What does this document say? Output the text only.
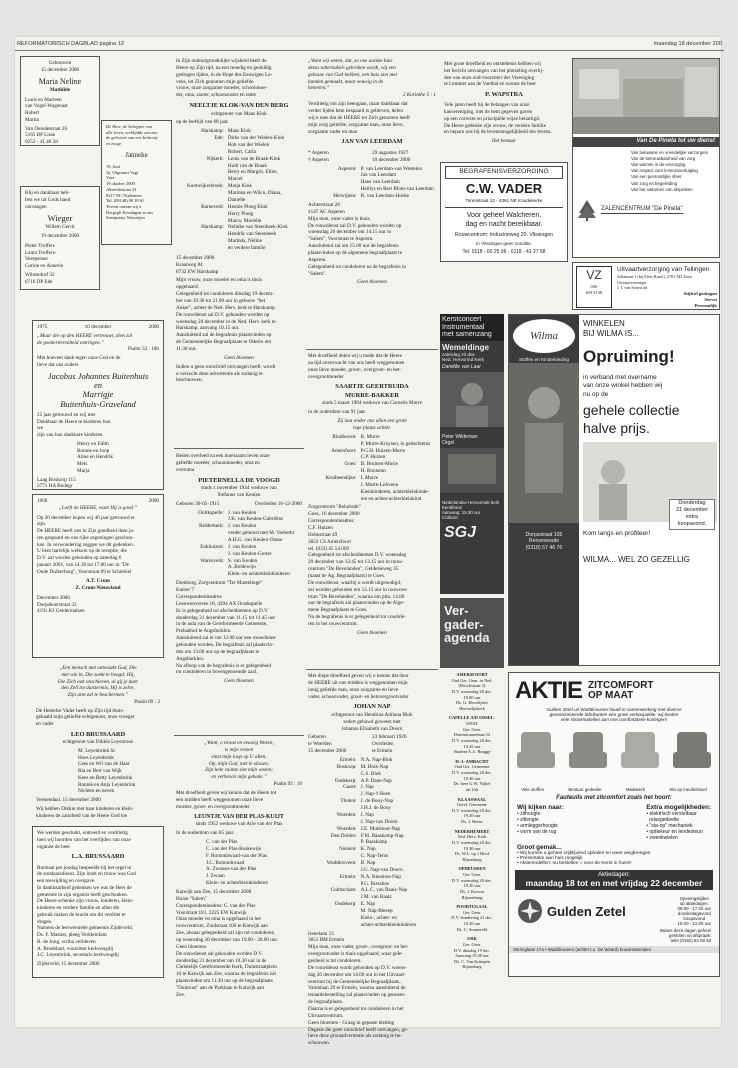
REFORMATORISCH DAGBLAD pagina 12	maandag 18 december 200
Gebouwen
15 december 2000
Maria Neline
Mathilde
Louis en Marleen
van Vogel-Wagenaar
Robert
Martin
Van Oeindestraat 26
5165 BP Lisse
0252 - 41 48 58
De Here, de Schepper van
alle leven, verblijdde ons met
de geboorte van een kerkertje
en zoogt
Janneke
19, Juni
Jij, Olgeraart Vagt
Ynte
19 oktober 2000
Albrechtstraat 33
8317 NC Nijdeinem
Tel. (09148) 90 18 61
Tevens ontvan wij a
Dorpsplt Kersdagen in ons
Streepstaty Netweijen
Blij en dankbaar heb-
ben we uit Gods hand
ontvangen
Wieger
Willem Gerrit
19 december 2000
Pieter Treffers
Laura Treffers-
Veerpenser
Corine en Annerie
Wilsendorf 32
6716 DP Ede
1975	10 december	2000
„Maar die op den HEERE vertrouwt, dien zal
de goedertierenheid omringen.”
Psalm 32 : 10b
Met hoeveel dank tegen onze God en de
lieve dat ons ouders
Jacobus Johannes Buitenhuis
en
Marrigje
Buitenhuis-Graveland
25 jaar getrouwd en wij met
Dankbaar de Heere te kinderen hun
we
zijn van hun dankbare kinderen.
Henry en Edith
Ronnie en Joop
Aline en Hendrik
Mels
Marja
Laag Boxkorp 115
2771 HA Bodegr
1960	2000
„Loeft de HEERE, want Hij is goed.”
Op 20 december hopen wij 40 jaar getrouwd te
zijn.
De HEERE heeft ons in Zijn goedheid deze ja-
ren gespaard en ons rijke zegeningen geschon-
ken. In verwondering zeggen we dit gedenken.
U bent hartelijk welkom op de receptie, die
D.V. zal worden gehouden op zaterdag 6
januari 2001, van 14.30 tot 17.00 uur in "De
Oude Duikerburg", Voorstraat 89 te Schiebiel
A.T. Crum
Z. Crum-Nieuwland
December 2000
Dorpsboerstraat 32
4191 KJ Geldermalsen
„Een mensch met ontwaakt God, Die
met wie in, Die zoekt te beogd; Hij,
Die Zich ook onschieven, al gij je daer
den Zell tot duistermis, Hij is zelve,
Zijn arm zal te beschermen.”
Psalm 89 : 2
De Hemelse Vader heeft op Zijn tijd thuis-
gehaald mijn geliefde echtgenoot, onze vroeger
en vader
LEO BRUSSAARD
echtgenoot van Dikkie Leyenroos
M. Leyenbrink Sr.
Hoes Leyenbrink
Cees en Wil van de Haar
Ria en Bert van Wijk
Kees en Betty Leyenbrink
Ronnie en Anja Leyenbrink
Nichten en neven
Veenendaal, 15 december 2000
Wij hebben Dikkie met haar kinderen en klein-
kinderen de zaligheid van de Heere God toe
We werden geschokt, ontroerd en verdrietig
toen wij hoorden van het overlijden van onze
organist de heer
L.A. BRUSSAARD
Ruimaal per joodag bespeelde hij het orgel in
de zondaarsdienst. Zijn inzet en trouw was God
een toewijding en overgave.
In dankbaarheid gedenken we wat de Heer de
gemeente in zijn organist heeft geschonken.
De Heere schenke zijn vrouw, kinderen, klein-
kinderen en verdere familie en allen die
gebruik maken de kracht om dit verdriet te
dragen.
Namens de leerwerstede gemeente Zijderveld,
Ds. F. Mastiet, pleeg Verkleinfam
B. de Jong, scriba verbleven
A. Broekhart, voorzitter kerkvoogdij
J.C. Leyenbrink, secretaris kerkvoogdij
Zijderveld, 15 december 2000
In Zijn ondoorgrondelijke wijsheid heeft de
Heere op Zijn tijd, na een moedig en geduldig
gedragen lijden, in de Hope des Eeuwigen Le-
vens, tot Zich genomen mijn geliefde
vrouw, onze zorgzame moeder, schoonmoe-
der, oma, zuster, schoonzuster en tante
NEELTJE KLOK-VAN DEN BERG
echtgenote van Maas Klok
op de leeftijd van 68 jaar.
Harskamp: Maas Klok
Ede: Dirks van der Wielen-Klok
Rob van der Wielen
Robert, Carla
Nijkerk: Leuis van de Braak-Klok
Huib van de Braak
Berry en Margrit, Ellen,
Marcel
Kootwijkerbroek: Marja Klok
Marinka en Wilco, Diana,
Danielle
Barneveld: Hennie Ploeg Klok
Harry Ploeg
Maico, Marielle
Harskamp: Nelinke van Steenbeek-Klok
Hendrik van Steenbeek
Marinda, Neline
en verdere familie
15 december 2000
Kraaiweg 84
6732 EW Harskamp
Mijn vrouw, onze moeder en oma is thuis
opgebaard.
Gelegenheid tot condoleren dinsdag 19 decem-
ber van 19.30 tot 21.00 uur in gebouw "het
Anker", achter de Ned. Herv. kerk te Harskamp.
De rouwdienst zal D.V. gehouden worden op
woensdag 20 december in de Ned. Herv. kerk te
Harskamp, aanvang 10.15 uur.
Aansluitend zal de begrafenis plaatsvinden op
de Gemeentelijke Begraafplaats te Otterlo om
11.30 uur.
Geen bloemen
Indien u geen rouwbrief ontvangen heeft, wordt
u verzocht deze advertentie als zodanig te
beschouwen.
Heden overleed na een moeizaam leven onze
geliefde moeder, schoonmoeder, oma en
overoma
PIETERNELLA DE VOOGD
sinds 1 november 1944 weduwe van
Stefanus van Keulen
Geboren 30-05-1915	Overleden 16-12-2000
Ooltkapelle: J. van Keulen
J.K. van Keulen-Gabriëlse
Ridderkerk: J. van Keulen
verder gehuwd met M. Verberkt
A.H.G. van Keulen-Ousse
Enkhuizen: J. van Keulen
J. van Keulen-Gorter
Warnsveld: S. van Keulen
A. Boldewijn
Klein- en achterkleinkinderen
Domburg, Zorgcentrum "Ter Mantelinge"
Kamer 7
Correspondentieadres:
Leeuwenversee 18, 4394 AX Oostkapelle
Er is gelegenheid tot afscheidnemen op D.V.
donderdag 21 december van 11.15 tot 11.45 uur
in de aula van de Gereformeerde Gemeente,
Prelaathof te Augsburklen.
Aansluitend zal er om 12.00 uur een rouwdienst
gehouden worden. De begrafenis zal plaatsvin-
den om 13.00 uur op de begraafplaats te
Augsburklen.
Na afloop van de begrafenis is er gelegenheid
tot condoleren in bovengenoemde zaal.
Geen bloemen
„Want, o troost en eeuwig Wezen,
is mijn vrezen
zinst mijn loop op U allen,
Op, mijn God, met le slissen,
Zijn hele ruimte ziet mijn wezen;
en verheven mijn gebede.”
Psalm 93 : 18
Met droefheid geven wij kennis dat de Heere tot
een midden heeft weggenomen onze lieve
moeder, groot- en overgrootmoeder
LEUNTJE VAN DER PLAS-KUIJT
sinds 1952 weduwe van Arie van der Plas
In de ouderdom van 85 jaar.
C. van der Plas
C. van der Plas-Roskewijn
F. Romonhwaad-van der Plas
J.C. Romonhwaad
A. Zwanan-van der Plas
J. Zwaan
Klein- en achterkleinkinderen
Katwijk aan Zee, 15 december 2000
Huize "Salem"
Correspondentieadres: C. van der Plas
Voorstraat 181, 2225 EW Katwijk
Onze moeder en oma is opgebaard in het
rouwcentrum, Zuidstraat 100 te Katwijk aan
Zee, alwaar gelegenheid zal zijn tot condoleren
op woensdag 20 december van 19.00 - 20.00 uur.
Geen bloemen
De rouwdienst zal gehouden worden D.V.
donderdag 21 december om 10.30 uur in de
Christelijk Gereformeerde Kerk, Duinstraatplein
10 te Katwijk aan Zee, waarna de begrafenis zal
plaatsvinden om 11.30 uur op de begraafplaats
"Duinrust" aan de Parklaan te Katwijk aan
Zee.
„Want wij weten, dat, zo ons aardse huis
dezes tabernakels gebroken wordt, wij een
gebouw van God hebben, een huis niet met
handen gemaakt, maar eeuwig in de
hemelen.”
2 Korinthe 5 : 1
Verdrietig om zijn heengaan, maar dankbaar dat
verder lijden hem bespaard is gebleven, delen
wij u mee dat de HEERE tot Zich genomen heeft
mijn zorg geliefde, zorgzame man, onze lieve,
zorgzame vader en man
JAN VAN LEERDAM
* Asperen	29 augustus 1927
† Asperen	10 december 2000
Asperen: P. van Leerdam-van Westelen
Jan van Leerdam
Hans van Leerdam
Heillys en Bert Blom-van Leerdam
Herwijnen: R. van Leerdam-Hoeke
Achterstraat 28
4147 AC Asperen
Mijn man, onze vader is thuis.
De rouwdienst zal D.V. gehouden worden op
woensdag 20 december om 14.15 uur in
"Salem", Voorstraat te Asperen.
Aansluitend zal om 15.00 uur de begrafenis
plaatsvinden op de algemene begraafplaats te
Asperen.
Gelegenheid tot condoleren na de begrafenis in
"Salem".
Geen bloemen
Met droefheid delen wij u mede dat de Heere
na tijd onverwacht van ons heeft weggenomen
onze lieve moeder, groot-, overgroot- en bet-
overgrootmoeder
SAARTJE GEERTRUIDA
MURRE-BAKKER
sinds 5 maart 1984 weduwe van Cornelis Murre
in de ouderdom van 91 jaar.
Zij laat onder ons allen een grote
lege plaats achter.
Rindhoven: R. Murre
P. Murre-Kruysen, in gedachtenis
Amersfoort: P.G.H. Huizen-Murre
C.P. Huizen
Goes: B. Bruinen-Murre
H. Bonnenn
Kruibeendijke: I. Murre
J. Murre-Leliveno
Kleinkinderen, achterkleinkinde-
ren en achter-achterkleinkind
Zorgcentrum "Rehoboth"
Goes, 16 december 2000
Correspondentieadres:
C.F. Huizen
Hobostraat 49
3822 CS Amersfoort
tel. (033) 45 54 069
Gelegenheid tot afscheidnemen D.V. woensdag
20 december van 12.45 tot 13.15 uur in rouw-
centrum "De Bevelanden", Geldelseweg 35
(naast de Ag. Begraafplaats) te Goes.
De rouwdienst, waarbij u wordt uitgenodigd,
zal worden gehouden om 13.15 uur in rouwcen-
trum "De Bevelanden", waarna om plm. 14.00
uur de begrafenis zal plaatsvinden op de Alge-
mene Begraafplaats te Goes.
Na de begrafenis is er gelegenheid tot condole-
ren in het rouwcentrum.
Geen bloemen
Met diepe droefheid geven wij u kennis dat door
de HEERE uit ons midden is weggenomen mijn
innig geliefde man, onze zorgzame en lieve
vader, schoonvader, groot- en betovergrootvader
JOHAN NAP
echtgenoot van Hendrina Adriana Blok
sedert gehuwd geweest met
Johanna Elisabeth van Doorn
Geboren	23 februari 1926
te Woerden	Overleden
15 december 2000	te Ermelo
Ermelo: N.A. Nap-Blok
Boskoop: M. Blok-Nap
C.S. Blok
Oudekerp: A.P. Dane-Nap
Gazet: J. Nap
J. Nap-'t Hoen
Tholen: J. de Booy-Nap
J.H.J. de Booy
Woerden: J. Nap
J. Nap-van Doorn
Woerden: J.E. Mulshout-Nap
Den Dolder: F.M. Baaskamp-Nap
P. Baaskamp
Noenen: K. Nap
C. Nap-Tenis
Waddinxveen: B. Nap
J.G. Nap-van Doorn
Ermelo: N.A. Riessbos-Nap
P.G. Riessbos
Colmschate: A.L.C. van Baaiz-Nap
J.M. van Baaiz
Oudekerp: E. Nap
M. Nap-Bleeep
Klein-, achter- en
achter-achterkleinkinderen
Irenelaan 13
3851 BM Ermelo
Mijn man, onze vader, groot-, overgroot- en bet-
overgrootvader is thuis opgebaard, waar gele-
genheid is tot condoleren.
De rouwdienst wordt gehouden op D.V. woens-
dag 20 december om 14.00 uur in het Uitvaart-
centrum bij de Gemeentelijke Begraafplaats,
Varenlaan 29 te Ermelo, waarna aansluitend de
teraardebestelling zal plaatsvinden op genoem-
de begraafplaats.
Daarna is er gelegenheid tot condoleren in het
Uitvaartcentrum.
Geen bloemen - Graag in gepaste kleding
Degene die geen rouwbrief heeft ontvangen, ge-
lieve deze grootadvertentie als zodanig te be-
schouwen.
Met grote droefheid en ontsteltenis hebben wij
het bericht ontvangen van het plotseling overlij-
den van onze oud-voorzitter der Vereniging
te Lemmer aan de Voetbal en wonen de heer
P. WAPSTRA
Vele jaren heeft hij de belangen van onze
kasvereniging, met de hem gegeven gaven
op een correcte en principiële wijze behartigd.
De Heere gedenke zijn vrouw, de verdere familie
en beparn ons bij de levensmogelijkheid des levens.
Het bestuur
BEGRAFENISVERZORGING
C.W. VADER
Torenstraat 13 - 4361 NE Koudekerke
Voor geheel Walcheren,
dag en nacht bereikbaar.
Rouwcentrum: Industrieweg 20, Vlissingen
In Vlissingen geen conditie.
Tel. 0118 - 60 25 06 - 0118 - 41 27 58
Van De Pineta tot uw dienst
Van bekwame en vriendelijke verzorgers
Van de betrouwbaarheid van zorg
Van warmte in de verzorging
Van respect voor levensovertuiging
Van een persoonlijke sfeer
Van zorg en begeleiding
Van het nakomen van afspraken
ZALENCENTRUM "De Pineta"
VZ
030
6913138
Uitvaartverzorging van Tellingen
Jaffamaat 1 (bij Eiers Rusel), 2701 AD Zaws
Uitvaartverzorger
J. I. van Schevold
Stijlvol gedragen
Servet
Persoonlijk
Kerstconcert
Instrumentaal
met samenzang
Wemeldinge
zaterdag 23 dec
Ned. Hervormd Kerk
Daniëlle van Laar
Peter Wildeman
Orgel
Nederlandse Hervormde kerk
Kerstfeest
Aanvang: 19.30 uur
Collecte
SGJ
Ver-
gader-
agenda
Wilma
Stoffen en Kinderkleding
Dorpsstraat 105
Rensewoude
(0318) 57 46 76
WINKELEN
BIJ WILMA IS...
Opruiming!
in verband met overname
van onze winkel hebben wij
nu op de
gehele collectie
halve prijs.
Donderdag
21 december
extra
koopavond.
Kom langs en profiteer!
WILMA... WEL ZO GEZELLIG
AMERSFOORT
Oud Ger. Gem. in Ned.
(Boschstraat 3)
D.V. woensdag 20 dec.
19.00 uur
Ds. G. Hovelijster
Heesselijskerk
CAPELLE A/D IJSSEL-
WEST
Ger. Gem.
Dominicanenlaan 12
D.V. woensdag 20 dec.
19.45 uur
Student A.A. Brugge
H.-I.-AMBACHT
Oud Ger. Gemeente
D.V. woensdag 20 dec.
19.30 uur
Ds. heer G.W. Nijkel
uit Urk
KLAASWAAL
Geref. Gemeente
D.V. woensdag 20 dec.
19.30 uur
Ds. J. Beens
NEDERHEMERT
Ned. Herv. Kerk
D.V. woensdag 20 dec.
19.30 uur
Ds. W.L. op 't Hoof
Rijsenburg
OPHEUSDEN
Ger. Gem.
D.V. woensdag 20 dec.
19.30 uur
Ds. J. Koevat
Rijssenburg
POORTUGAAL
Ger. Gem.
D.V. donderdag 21 dec.
19.30 uur
Ds. C. Sonneveld
URK
Ger. Gem.
D.V. dinsdag 19 dec.
Aanvang 19.30 uur
Ds. C. Van Krimpen
Rijsenburg
AKTIE ZITCOMFORT
OP MAAT
Gulden Zetel uit Waddinxveen houdt in samenwerking met diverse
gerenommeerde fabrikanten een grote verkoopaktie: wij bieden
vele showmodellen aan met comfortabele kortingen!
Vele stoffen	Bestuur gedeelte	Maatwerk	Sta op meubelstoel
Fauteuils met zitcomfort zoals het hoort:
Wij kijken naar:
• zithoogte
• zitlengte
• armleggerhoogte
• vorm van de rug
Extra mogelijkheden:
• elektrisch verstelbaar
relaxgedeelte
• "sta-op" mechaniek
• optiekeur en lendesteun
• zwenkwielen
Groot gemak...
• Wij komen u geheel vrijblijvend ophalen en weer wegbrengen
• Presentatie aan huis mogelijk
• Aktiemodellen: nu bestellen = voor de Kerst in huis!!!
Aktiedagen:
maandag 18 tot en met vrijdag 22 december
Gulden Zetel
Openingstijden
op aktiedagen:
09.00 - 17.00 uur
donderdagavond
koopavond
18.00 - 21.00 uur
Buiten deze dagen geheel
gesloten na afspraak:
telet (0182) 63 08 48
Steringlaan 17a • Waddinxveen (achter t.o. De Waard) bouwmaterialen
